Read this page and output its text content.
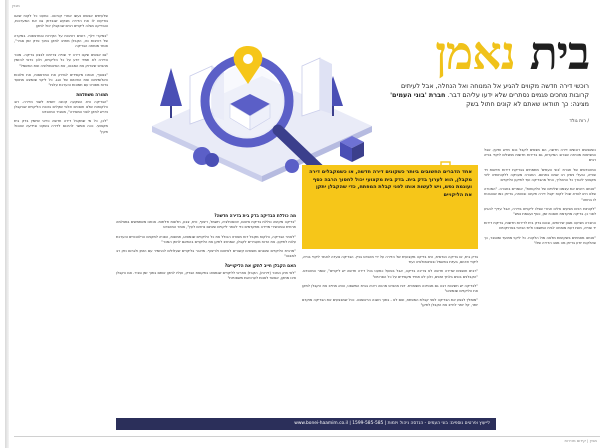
מגזין

שלעיתים אנשים נעשו אחרי קורונה. כמעט כל לקוח שאנו בודקים לו את הדירה מבקש שנבדוק גם את המערכות, והבדיקה מגלה ליקויים רבים שהקבלן יכול לתקן

"במקרי דלף, רואים רטיבות על הקירות ובמרצפות. במקרה של רטיבות כזו, הקבלן מחויב לתקן בתוך פרק זמן סביר", אומר מומחה הבדיקה

"גם אנשים שקנו דירה יד שנייה צריכים לבצע בדיקה. מוכר הדירה לא תמיד יודע על כל הליקויים, ולכן כדאי להזמין מהנדס שיבדוק את המבנה, את האינסטלציה ואת החשמל"

"בנוסף, אנחנו מקפידים לבדוק את המרפסות, את חלונות האלומיניום ואת האיטום של הגג. כל ליקוי שנמצא מתועד בדוח מפורט עם תמונות והערכת עלות"

תמורה משתלמת

"הבדיקה היא השקעה קטנה יחסית לשווי הדירה. רוב הלקוחות שלנו חוסכים אלפי שקלים בזכות הליקויים שהקבלן נדרש לתקן לפני המסירה", מסביר המהנדס

"לכן, כל מי שמקבל דירה חדשה כדאי שיזמין בדק בית מקצועי. ככה אפשר להיכנס לדירה בשקט ובידיעה שהכול תקין"

בית נאמן
רוכשי דירה חדשה מקווים להגיע אל המנוחה ואל הנחלה, אבל לעיתים קרובות מחכים פגמים נסתרים שלא ידעו עליהם דבר. חברת 'בוני העמים' מציגה: כך תוודאו שאתם לא קונים חתול בשק
/ רות גולד
אחד הדברים החשובים ביותר כשקונים דירה חדשה, או כשמקבלים דירה מקבלן, הוא לערוך בדק בית. בדק בית מקצועי יכול לחסוך הרבה כסף ועוגמת נפש, ויש לעשות אותו לפני קבלת המפתח, כדי שהקבלן יתקן את הליקויים
מה כוללת הבדיקה בדק בית בדירה חדשה?

"בדיקה מקיפה כוללת בדיקת איטום, אינסטלציה, חשמל, ריצוף, טיח, צבע, חלונות ודלתות. אנחנו משתמשים במצלמה תרמית ובמכשירי מדידה מתקדמים כדי לאתר ליקויים שאינם נראים לעין", אומר המהנדס

"לאחר הבדיקה, הלקוח מקבל דוח מפורט הכולל את כל הליקויים שנמצאו, תמונות, הפניה לתקנים הרלוונטיים והערכת עלות לתיקון. את הדוח מעבירים לקבלן, שמחויב לתקן את הליקויים בהתאם לחוק המכר"

"מרבית הליקויים שאנחנו מוצאים קשורים לאיטום ולריצוף. מדובר בליקויים שעלולים להחמיר עם הזמן ולגרום נזק רב למבנה"

האם הקבלן חייב לתקן את הליקויים?

"לפי חוק המכר (דירות), הקבלן אחראי לליקויים שנמצאו בתקופת הבדק, ועליו לתקן אותם בתוך זמן סביר. אם הקבלן אינו מתקן, אפשר לפנות לערכאות משפטיות"

בדק בית, או בדיקה הנדסית, היא בדיקה מקצועית של הדירה על ידי מהנדס בניין. הבדיקה נועדה לאתר ליקויי בנייה, ליקויי איטום, בעיות בחשמל ובאינסטלציה ועוד

"רבים חושבים שדירה חדשה לא צריכה בדיקה, אבל בפועל כמעט בכל דירה חדשה יש ליקויים", אומר המהנדס. "הקבלנים בונים בלחץ זמנים, ולכן לא תמיד מקפידים על כל הפרטים"

"לבדיקה יש חשיבות רבה גם מבחינה משפטית. דוח מהנדס מהווה ראיה בבית המשפט, והוא מחייב את הקבלן לתקן את הליקויים שנמצאו"

"מומלץ לבצע את הבדיקה לפני קבלת המפתח, ואם לא - בתוך השנה הראשונה. ככל שמבצעים את הבדיקה מוקדם יותר, קל יותר לחייב את הקבלן לתקן"

כשאנשים רוכשים דירה חדשה, הם מצפים לקבל נכס חדש ותקין. אבל המציאות מוכיחה שברוב המקרים, גם בדירות חדשות מתגלים ליקויי בנייה רבים

המהנדסים של חברת 'בוני העמים' מתמחים בבדיקת דירות חדשות ויד שנייה, ובעלי ניסיון רב שנים בתחום. החברה מעניקה ללקוחותיה ליווי מקצועי לאורך כל התהליך, החל מהבדיקה ועד לתיקון הליקויים

"אנחנו רואים את עצמנו שליחים של הלקוחות", אומרים בחברה. "המטרה שלנו היא לוודא שכל לקוח יקבל דירה תקינה ובטוחה, בדיוק כמו שהובטח לו בחוזה"

"לקוחות רבים מגיעים אלינו אחרי שגילו ליקויים בדירה, אבל עדיף להגיע לפני כן. בדיקה מוקדמת חוסכת זמן, כסף ועוגמת נפש"

החברה מציעה מגוון שירותים, ובהם בדק בית לדירות חדשות, בדיקת דירות יד שנייה, חוות דעת מומחה לבית המשפט וליווי הנדסי בפרויקטים

"אנחנו מאמינים בשקיפות מלאה מול הלקוח. כל ליקוי מתועד ומוסבר, כך שהלקוח יודע בדיוק מה מצב הדירה שלו"

לייעוץ ופרטים נוספים: בוני העמים - הנדסה ניהול ויזמות | 1599-585-585 | www.bonei-haamim.co.il
מגזין | קידום מכירות
